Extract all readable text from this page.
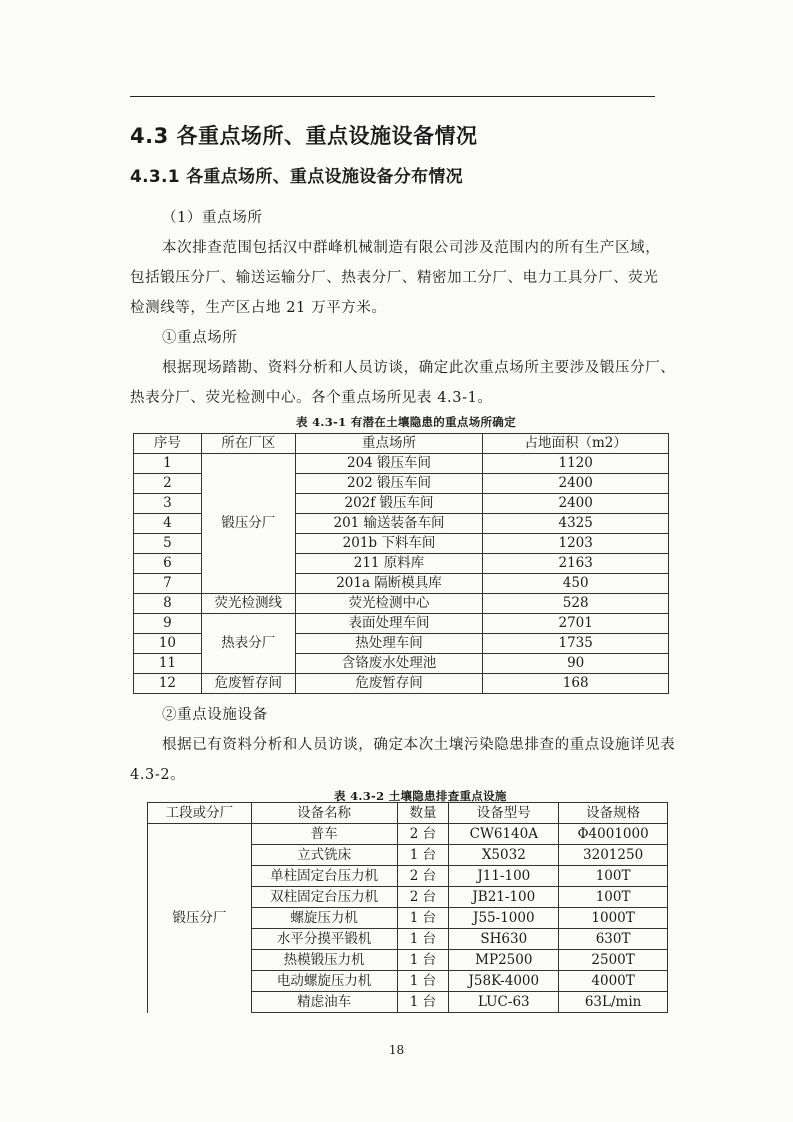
4.3 各重点场所、重点设施设备情况
4.3.1 各重点场所、重点设施设备分布情况
（1）重点场所
本次排查范围包括汉中群峰机械制造有限公司涉及范围内的所有生产区域，
包括锻压分厂、输送运输分厂、热表分厂、精密加工分厂、电力工具分厂、荧光
检测线等，生产区占地 21 万平方米。
①重点场所
根据现场踏勘、资料分析和人员访谈，确定此次重点场所主要涉及锻压分厂、
热表分厂、荧光检测中心。各个重点场所见表 4.3-1。
表 4.3-1 有潜在土壤隐患的重点场所确定
序号	所在厂区	重点场所	占地面积（m2）
1	锻压分厂	204 锻压车间	1120
2		202 锻压车间	2400
3		202f 锻压车间	2400
4		201 输送装备车间	4325
5		201b 下料车间	1203
6		211 原料库	2163
7		201a 隔断模具库	450
8	荧光检测线	荧光检测中心	528
9	热表分厂	表面处理车间	2701
10		热处理车间	1735
11		含铬废水处理池	90
12	危废暂存间	危废暂存间	168
②重点设施设备
根据已有资料分析和人员访谈，确定本次土壤污染隐患排查的重点设施详见表
4.3-2。
表 4.3-2 土壤隐患排查重点设施
工段或分厂	设备名称	数量	设备型号	设备规格
锻压分厂	普车	2 台	CW6140A	Φ4001000
	立式铣床	1 台	X5032	3201250
	单柱固定台压力机	2 台	J11-100	100T
	双柱固定台压力机	2 台	JB21-100	100T
	螺旋压力机	1 台	J55-1000	1000T
	水平分摸平锻机	1 台	SH630	630T
	热模锻压力机	1 台	MP2500	2500T
	电动螺旋压力机	1 台	J58K-4000	4000T
	精虑油车	1 台	LUC-63	63L/min
18
